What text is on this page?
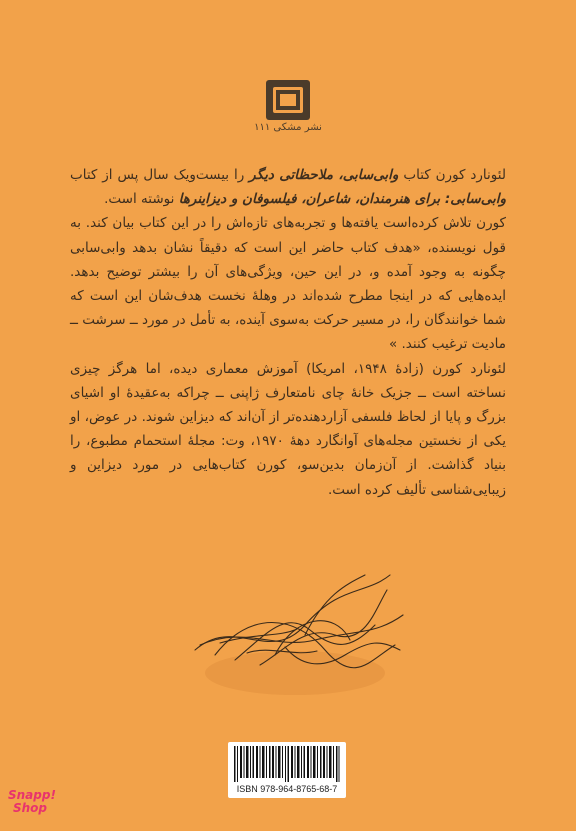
نشر مشکی ۱۱۱

لئونارد کورن کتاب وابی‌سابی، ملاحظاتی دیگر را بیست‌ویک سال پس از کتاب وابی‌سابی: برای هنرمندان، شاعران، فیلسوفان و دیزاینرها نوشته است.

کورن تلاش کرده‌است یافته‌ها و تجربه‌های تازه‌اش را در این کتاب بیان کند. به قول نویسنده، «هدف کتاب حاضر این است که دقیقاً نشان بدهد وابی‌سابی چگونه به وجود آمده و، در این حین، ویژگی‌های آن را بیشتر توضیح بدهد. ایده‌هایی که در اینجا مطرح شده‌اند در وهلهٔ نخست هدف‌شان این است که شما خوانندگان را، در مسیر حرکت به‌سوی آینده، به تأمل در مورد ــ سرشت ــ مادیت ترغیب کنند. »

لئونارد کورن (زادهٔ ۱۹۴۸، امریکا) آموزش معماری دیده، اما هرگز چیزی نساخته است ــ جزیک خانهٔ چای نامتعارف ژاپنی ــ چراکه به‌عقیدهٔ او اشیای بزرگ و پایا از لحاظ فلسفی آزاردهنده‌تر از آن‌اند که دیزاین شوند. در عوض، او یکی از نخستین مجله‌های آوانگارد دههٔ ۱۹۷۰، وت: مجلهٔ استحمام مطبوع، را بنیاد گذاشت. از آن‌زمان بدین‌سو، کورن کتاب‌هایی در مورد دیزاین و زیبایی‌شناسی تألیف کرده است.

ISBN 978-964-8765-68-7
Snapp!
Shop
